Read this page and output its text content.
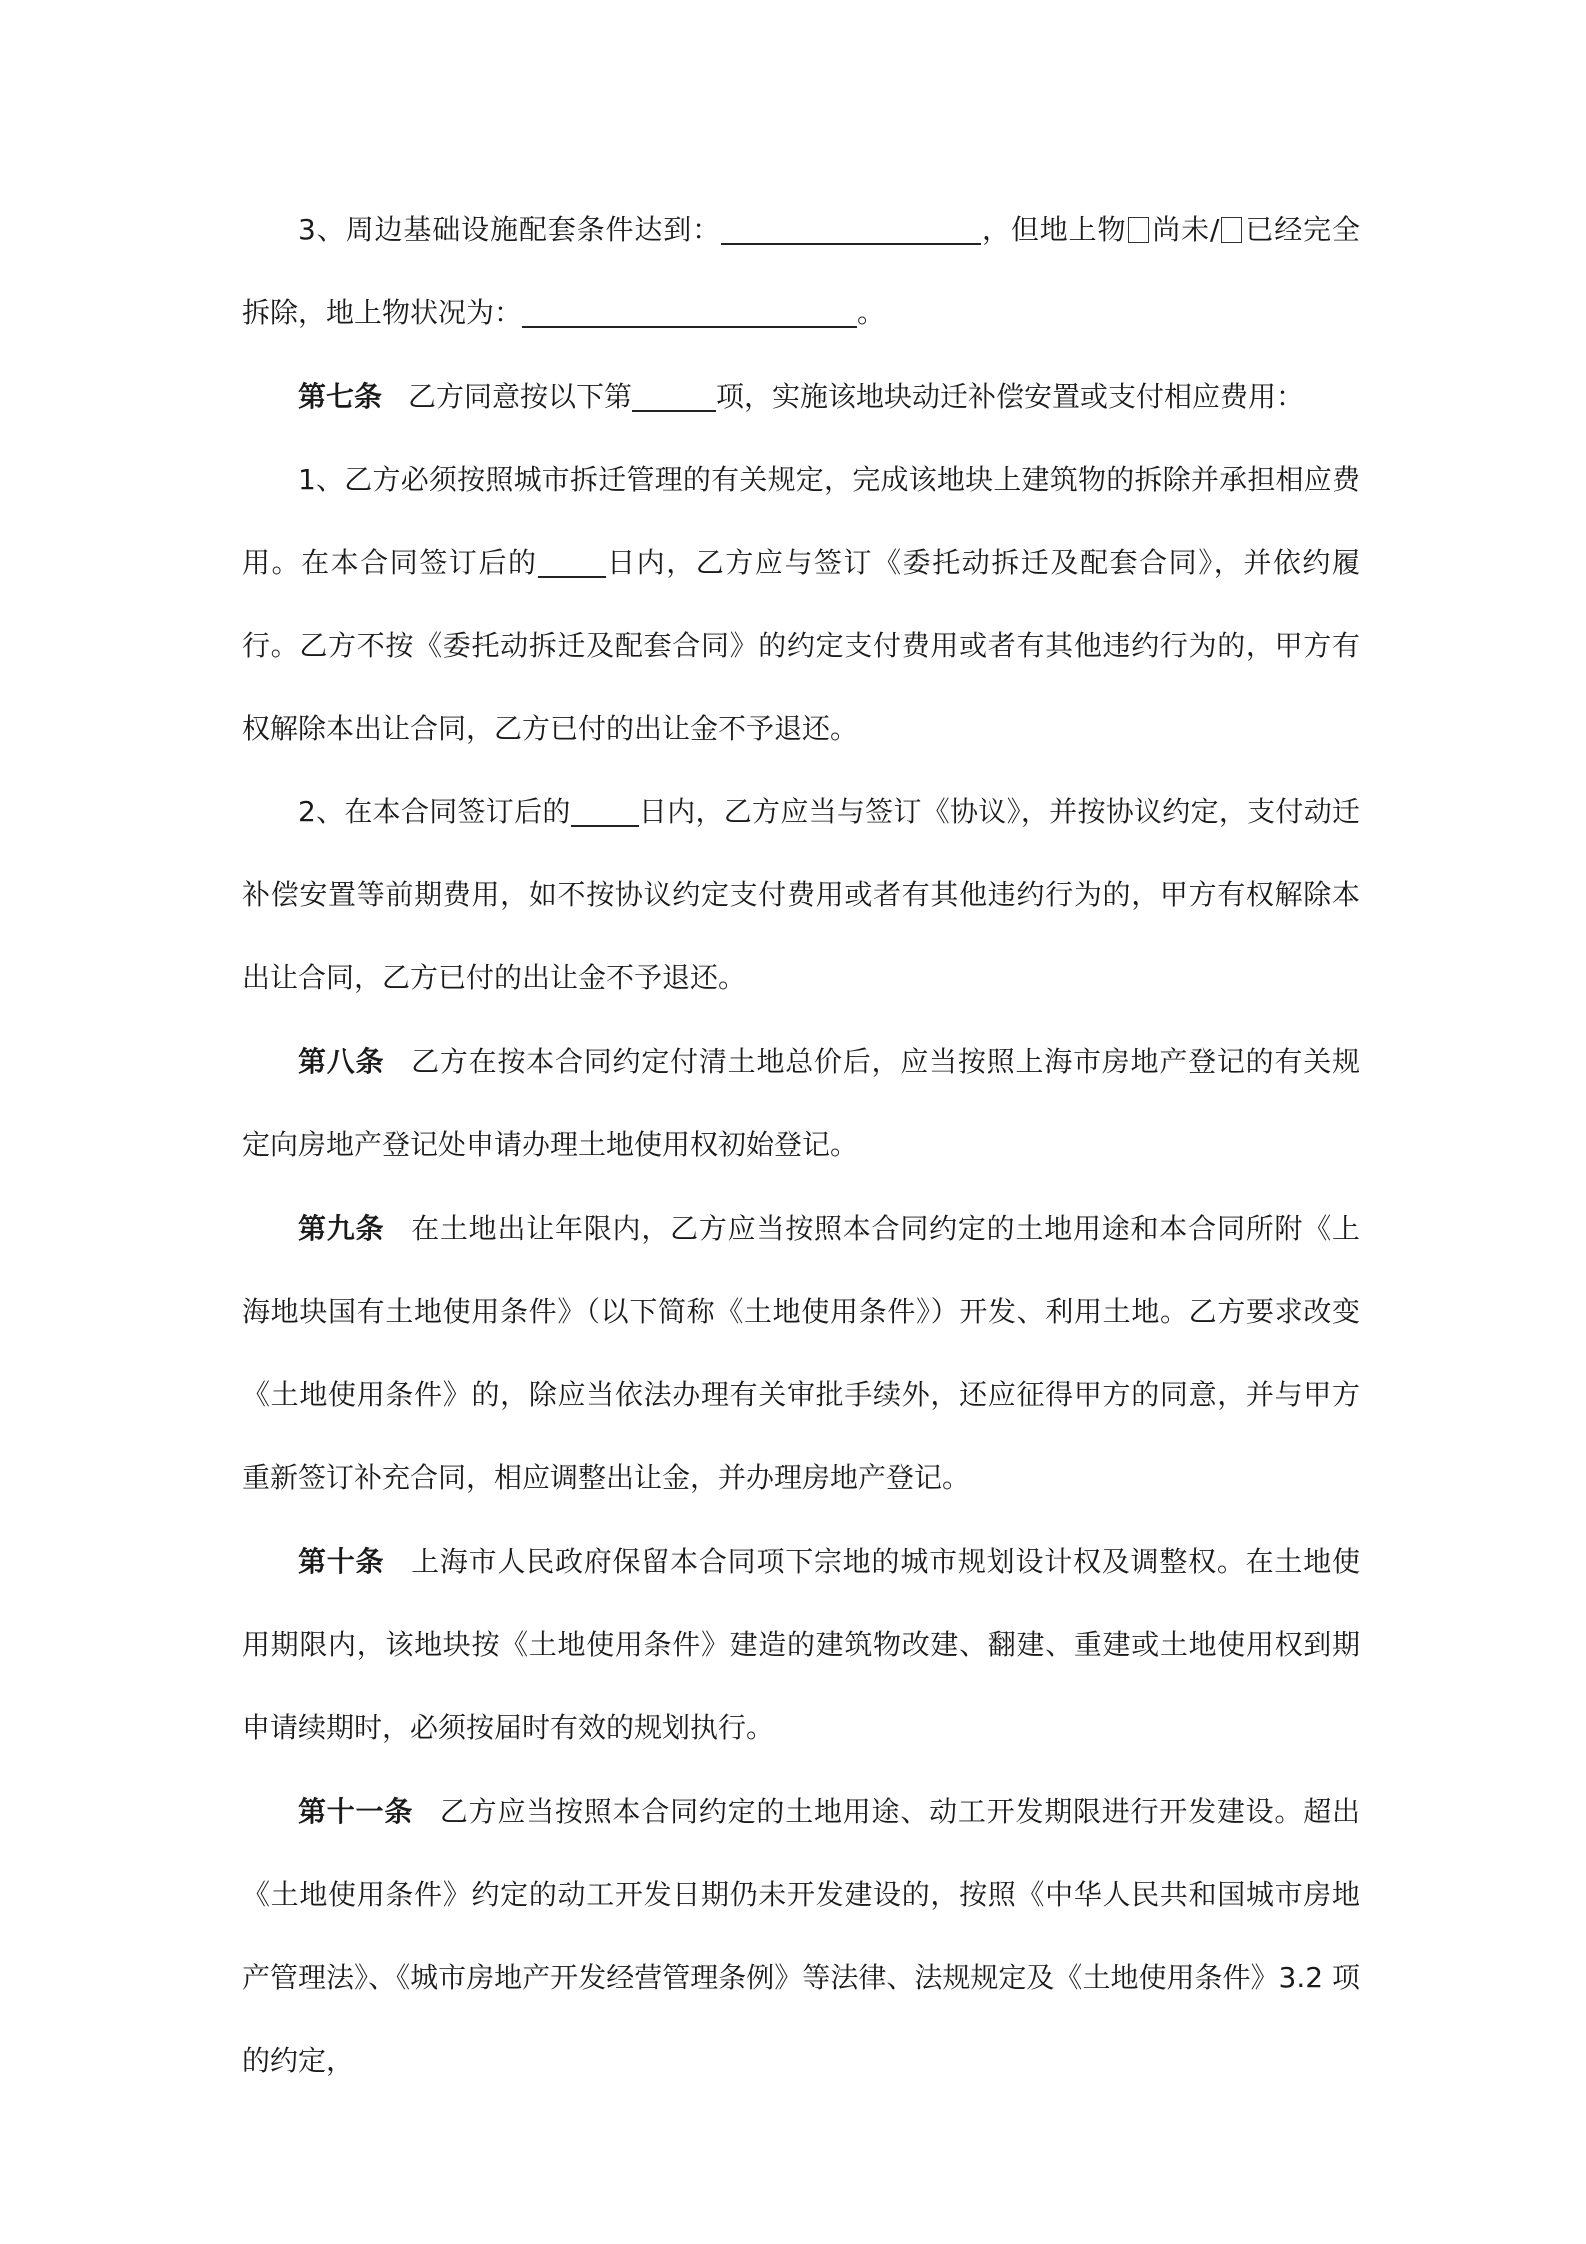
3、周边基础设施配套条件达到：	，但地上物 尚未/ 已经完全拆除，地上物状况为：	。
第七条 乙方同意按以下第	项，实施该地块动迁补偿安置或支付相应费用：
1、乙方必须按照城市拆迁管理的有关规定，完成该地块上建筑物的拆除并承担相应费用。在本合同签订后的 日内，乙方应与签订《委托动拆迁及配套合同》，并依约履行。乙方不按《委托动拆迁及配套合同》的约定支付费用或者有其他违约行为的，甲方有权解除本出让合同，乙方已付的出让金不予退还。
2、在本合同签订后的 日内，乙方应当与签订《协议》，并按协议约定，支付动迁补偿安置等前期费用，如不按协议约定支付费用或者有其他违约行为的，甲方有权解除本出让合同，乙方已付的出让金不予退还。
第八条 乙方在按本合同约定付清土地总价后，应当按照上海市房地产登记的有关规定向房地产登记处申请办理土地使用权初始登记。
第九条 在土地出让年限内，乙方应当按照本合同约定的土地用途和本合同所附《上海地块国有土地使用条件》（以下简称《土地使用条件》）开发、利用土地。乙方要求改变《土地使用条件》的，除应当依法办理有关审批手续外，还应征得甲方的同意，并与甲方重新签订补充合同，相应调整出让金，并办理房地产登记。
第十条 上海市人民政府保留本合同项下宗地的城市规划设计权及调整权。在土地使用期限内，该地块按《土地使用条件》建造的建筑物改建、翻建、重建或土地使用权到期申请续期时，必须按届时有效的规划执行。
第十一条 乙方应当按照本合同约定的土地用途、动工开发期限进行开发建设。超出《土地使用条件》约定的动工开发日期仍未开发建设的，按照《中华人民共和国城市房地产管理法》、《城市房地产开发经营管理条例》等法律、法规规定及《土地使用条件》3.2 项的约定，
